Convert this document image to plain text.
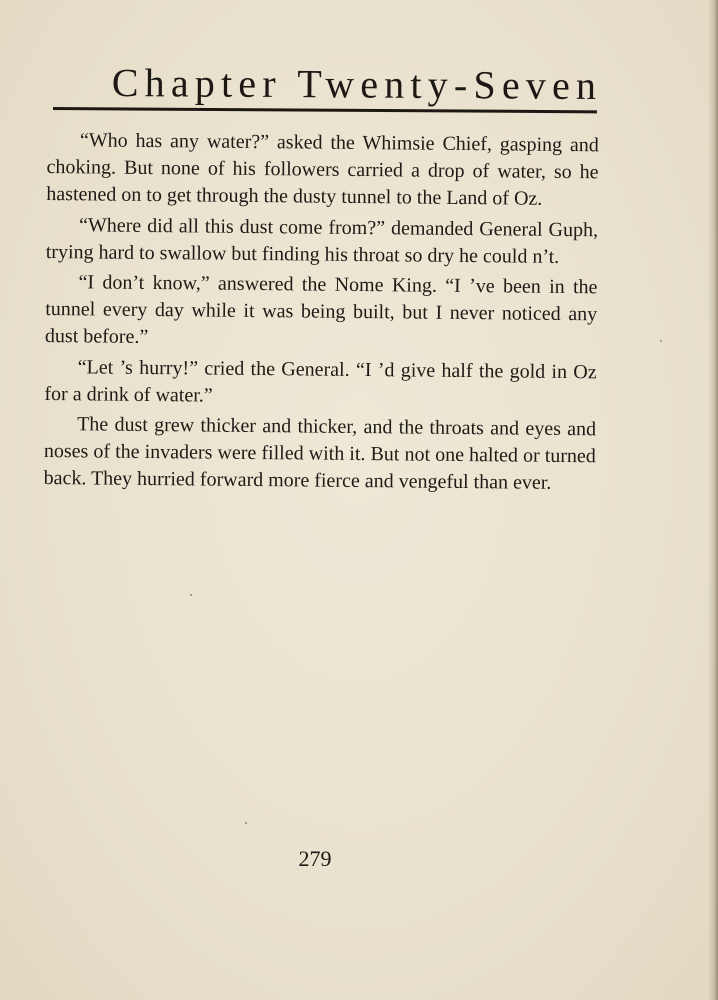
Chapter Twenty-Seven

“Who has any water?” asked the Whimsie Chief, gasping and choking. But none of his followers carried a drop of water, so he hastened on to get through the dusty tunnel to the Land of Oz.

“Where did all this dust come from?” demanded General Guph, trying hard to swallow but finding his throat so dry he could n’t.

“I don’t know,” answered the Nome King. “I ’ve been in the tunnel every day while it was being built, but I never noticed any dust before.”

“Let ’s hurry!” cried the General. “I ’d give half the gold in Oz for a drink of water.”

The dust grew thicker and thicker, and the throats and eyes and noses of the invaders were filled with it. But not one halted or turned back. They hurried forward more fierce and vengeful than ever.

279
